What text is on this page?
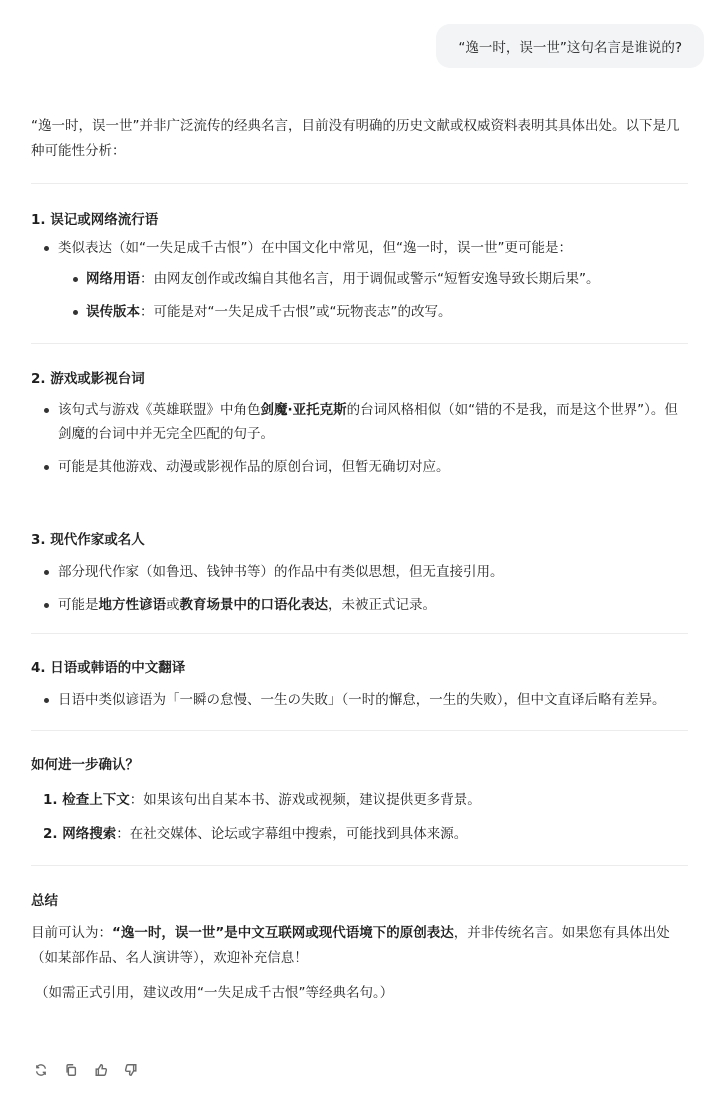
“逸一时，误一世”这句名言是谁说的?

“逸一时，误一世”并非广泛流传的经典名言，目前没有明确的历史文献或权威资料表明其具体出处。以下是几种可能性分析：

1. 误记或网络流行语

类似表达（如“一失足成千古恨”）在中国文化中常见，但“逸一时，误一世”更可能是：
网络用语：由网友创作或改编自其他名言，用于调侃或警示“短暂安逸导致长期后果”。
误传版本：可能是对“一失足成千古恨”或“玩物丧志”的改写。

2. 游戏或影视台词

该句式与游戏《英雄联盟》中角色剑魔·亚托克斯的台词风格相似（如“错的不是我，而是这个世界”）。但剑魔的台词中并无完全匹配的句子。
可能是其他游戏、动漫或影视作品的原创台词，但暂无确切对应。

3. 现代作家或名人

部分现代作家（如鲁迅、钱钟书等）的作品中有类似思想，但无直接引用。
可能是地方性谚语或教育场景中的口语化表达，未被正式记录。

4. 日语或韩语的中文翻译

日语中类似谚语为「一瞬の怠慢、一生の失敗」（一时的懈怠，一生的失败），但中文直译后略有差异。

如何进一步确认？

1. 检查上下文：如果该句出自某本书、游戏或视频，建议提供更多背景。
2. 网络搜索：在社交媒体、论坛或字幕组中搜索，可能找到具体来源。

总结

目前可认为：“逸一时，误一世”是中文互联网或现代语境下的原创表达，并非传统名言。如果您有具体出处（如某部作品、名人演讲等），欢迎补充信息！

（如需正式引用，建议改用“一失足成千古恨”等经典名句。）
